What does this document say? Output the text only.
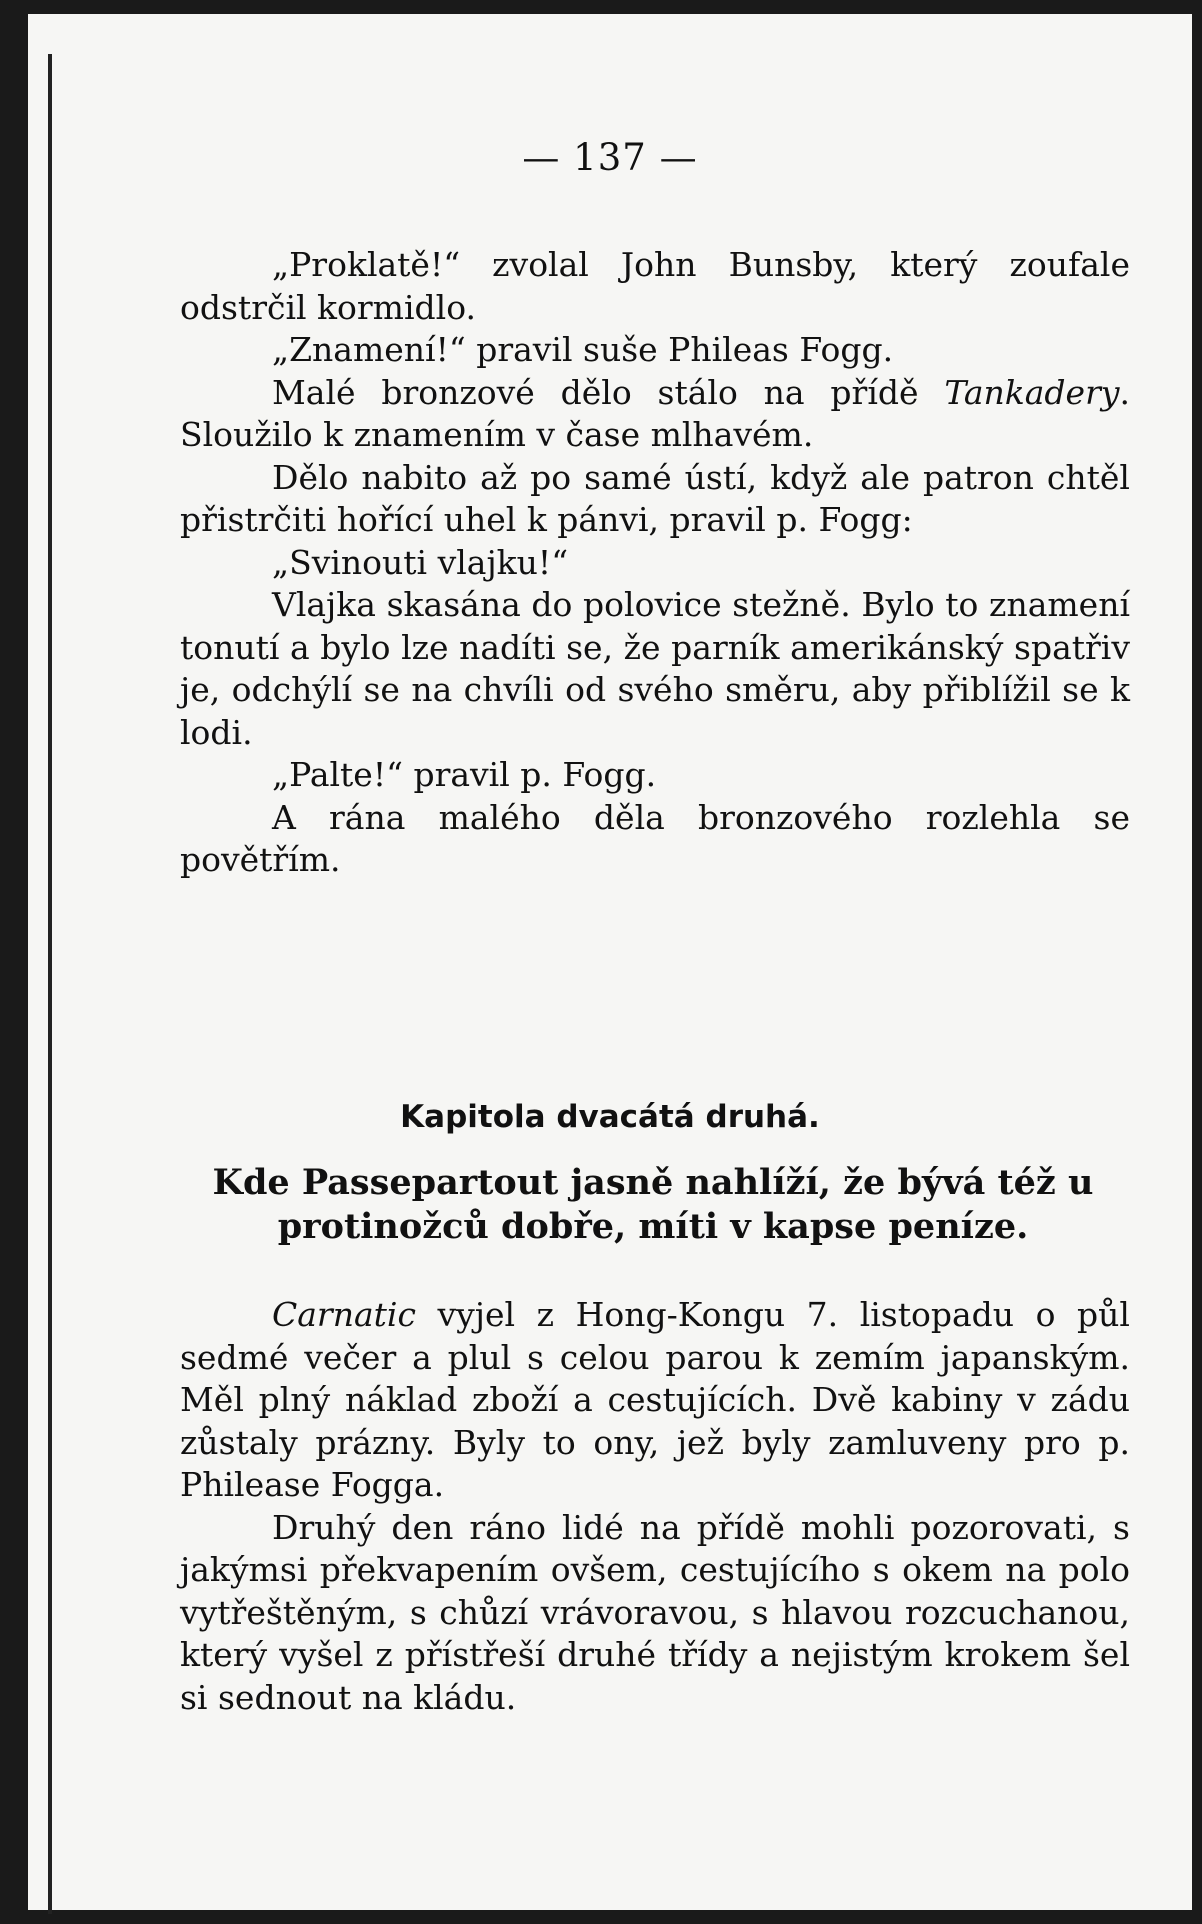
— 137 —

„Proklatě!“ zvolal John Bunsby, který zoufale odstrčil kormidlo.

„Znamení!“ pravil suše Phileas Fogg.

Malé bronzové dělo stálo na přídě Tankadery. Sloužilo k znamením v čase mlhavém.

Dělo nabito až po samé ústí, když ale patron chtěl přistrčiti hořící uhel k pánvi, pravil p. Fogg:

„Svinouti vlajku!“

Vlajka skasána do polovice stežně. Bylo to znamení tonutí a bylo lze nadíti se, že parník amerikánský spatřiv je, odchýlí se na chvíli od svého směru, aby přiblížil se k lodi.

„Palte!“ pravil p. Fogg.

A rána malého děla bronzového rozlehla se povětřím.

Kapitola dvacátá druhá.
Kde Passepartout jasně nahlíží, že bývá též u protinožců dobře, míti v kapse peníze.

Carnatic vyjel z Hong-Kongu 7. listopadu o půl sedmé večer a plul s celou parou k zemím japanským. Měl plný náklad zboží a cestujících. Dvě kabiny v zádu zůstaly prázny. Byly to ony, jež byly zamluveny pro p. Philease Fogga.

Druhý den ráno lidé na přídě mohli pozorovati, s jakýmsi překvapením ovšem, cestujícího s okem na polo vytřeštěným, s chůzí vrávoravou, s hlavou rozcuchanou, který vyšel z přístřeší druhé třídy a nejistým krokem šel si sednout na kládu.
